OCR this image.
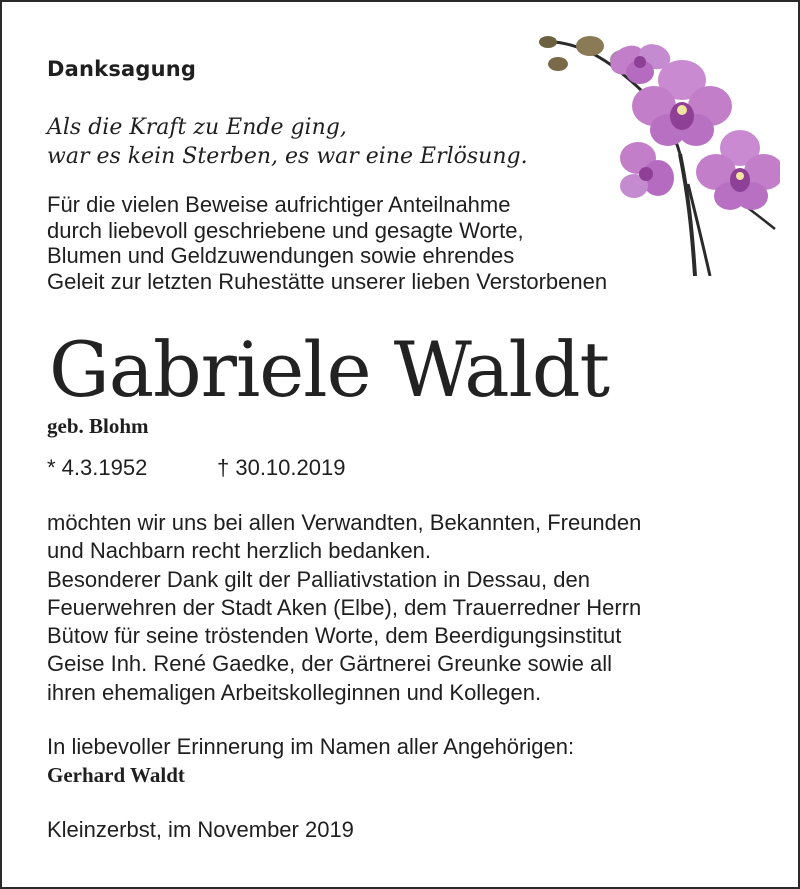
Danksagung
Als die Kraft zu Ende ging,
war es kein Sterben, es war eine Erlösung.
Für die vielen Beweise aufrichtiger Anteilnahme
durch liebevoll geschriebene und gesagte Worte,
Blumen und Geldzuwendungen sowie ehrendes
Geleit zur letzten Ruhestätte unserer lieben Verstorbenen
Gabriele Waldt
geb. Blohm
* 4.3.1952	† 30.10.2019
möchten wir uns bei allen Verwandten, Bekannten, Freunden
und Nachbarn recht herzlich bedanken.
Besonderer Dank gilt der Palliativstation in Dessau, den
Feuerwehren der Stadt Aken (Elbe), dem Trauerredner Herrn
Bütow für seine tröstenden Worte, dem Beerdigungsinstitut
Geise Inh. René Gaedke, der Gärtnerei Greunke sowie all
ihren ehemaligen Arbeitskolleginnen und Kollegen.
In liebevoller Erinnerung im Namen aller Angehörigen:
Gerhard Waldt
Kleinzerbst, im November 2019
